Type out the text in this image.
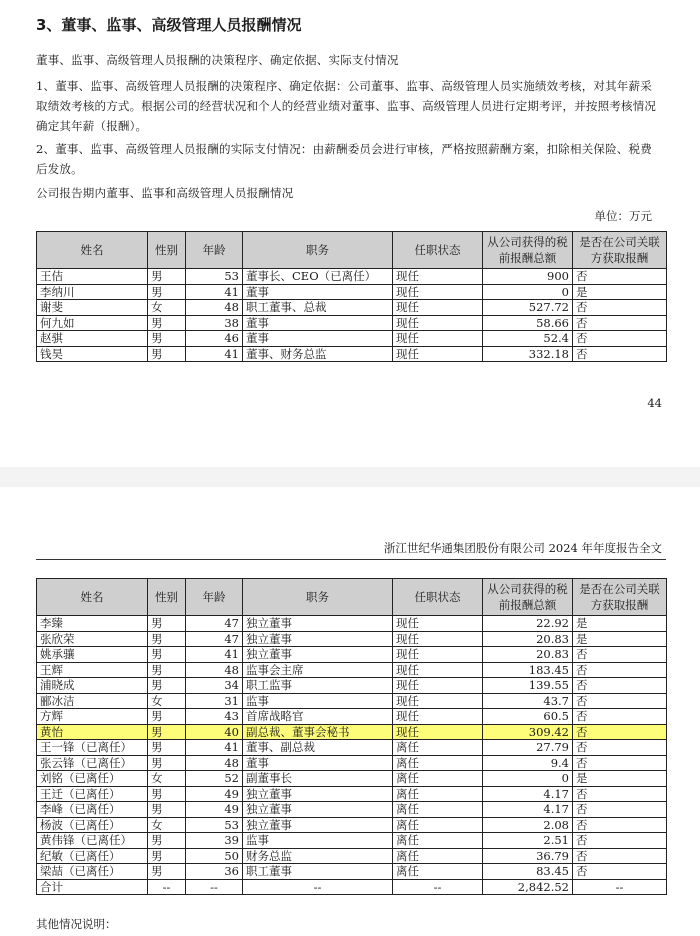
3、董事、监事、高级管理人员报酬情况
董事、监事、高级管理人员报酬的决策程序、确定依据、实际支付情况
1、董事、监事、高级管理人员报酬的决策程序、确定依据：公司董事、监事、高级管理人员实施绩效考核，对其年薪采取绩效考核的方式。根据公司的经营状况和个人的经营业绩对董事、监事、高级管理人员进行定期考评，并按照考核情况确定其年薪（报酬）。
2、董事、监事、高级管理人员报酬的实际支付情况：由薪酬委员会进行审核，严格按照薪酬方案，扣除相关保险、税费后发放。
公司报告期内董事、监事和高级管理人员报酬情况
单位：万元
姓名	性别	年龄	职务	任职状态	从公司获得的税前报酬总额	是否在公司关联方获取报酬
王佶	男	53	董事长、CEO（已离任）	现任	900	否
李纳川	男	41	董事	现任	0	是
谢斐	女	48	职工董事、总裁	现任	527.72	否
何九如	男	38	董事	现任	58.66	否
赵骐	男	46	董事	现任	52.4	否
钱昊	男	41	董事、财务总监	现任	332.18	否
44
浙江世纪华通集团股份有限公司 2024 年年度报告全文
姓名	性别	年龄	职务	任职状态	从公司获得的税前报酬总额	是否在公司关联方获取报酬
李臻	男	47	独立董事	现任	22.92	是
张欣荣	男	47	独立董事	现任	20.83	是
姚承骧	男	41	独立董事	现任	20.83	否
王辉	男	48	监事会主席	现任	183.45	否
浦晓成	男	34	职工监事	现任	139.55	否
郦冰洁	女	31	监事	现任	43.7	否
方辉	男	43	首席战略官	现任	60.5	否
黄怡	男	40	副总裁、董事会秘书	现任	309.42	否
王一锋（已离任）	男	41	董事、副总裁	离任	27.79	否
张云锋（已离任）	男	48	董事	离任	9.4	否
刘铭（已离任）	女	52	副董事长	离任	0	是
王迁（已离任）	男	49	独立董事	离任	4.17	否
李峰（已离任）	男	49	独立董事	离任	4.17	否
杨波（已离任）	女	53	独立董事	离任	2.08	否
黄伟锋（已离任）	男	39	监事	离任	2.51	否
纪敏（已离任）	男	50	财务总监	离任	36.79	否
梁喆（已离任）	男	36	职工董事	离任	83.45	否
合计	--	--	--	--	2,842.52	--
其他情况说明：
